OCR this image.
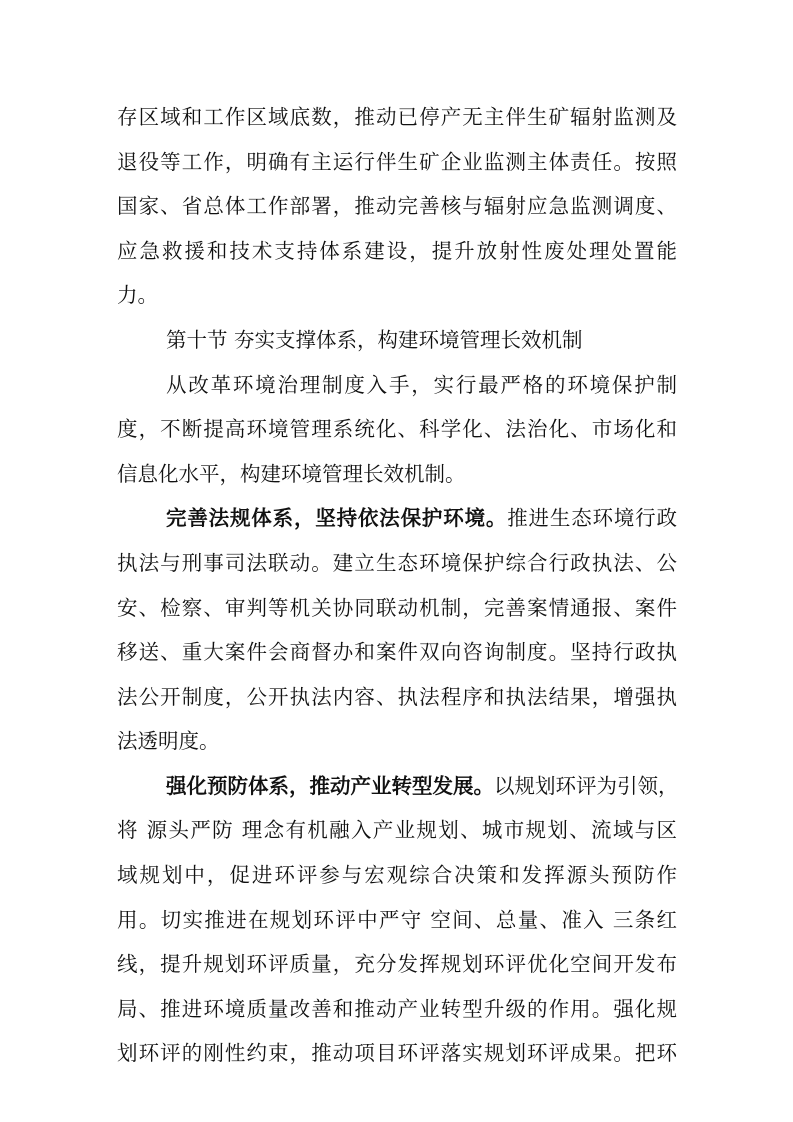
存区域和工作区域底数，推动已停产无主伴生矿辐射监测及
退役等工作，明确有主运行伴生矿企业监测主体责任。按照
国家、省总体工作部署，推动完善核与辐射应急监测调度、
应急救援和技术支持体系建设，提升放射性废处理处置能
力。
第十节 夯实支撑体系，构建环境管理长效机制
从改革环境治理制度入手，实行最严格的环境保护制
度，不断提高环境管理系统化、科学化、法治化、市场化和
信息化水平，构建环境管理长效机制。
完善法规体系，坚持依法保护环境。推进生态环境行政
执法与刑事司法联动。建立生态环境保护综合行政执法、公
安、检察、审判等机关协同联动机制，完善案情通报、案件
移送、重大案件会商督办和案件双向咨询制度。坚持行政执
法公开制度，公开执法内容、执法程序和执法结果，增强执
法透明度。
强化预防体系，推动产业转型发展。以规划环评为引领，
将 源头严防 理念有机融入产业规划、城市规划、流域与区
域规划中，促进环评参与宏观综合决策和发挥源头预防作
用。切实推进在规划环评中严守 空间、总量、准入 三条红
线，提升规划环评质量，充分发挥规划环评优化空间开发布
局、推进环境质量改善和推动产业转型升级的作用。强化规
划环评的刚性约束，推动项目环评落实规划环评成果。把环
